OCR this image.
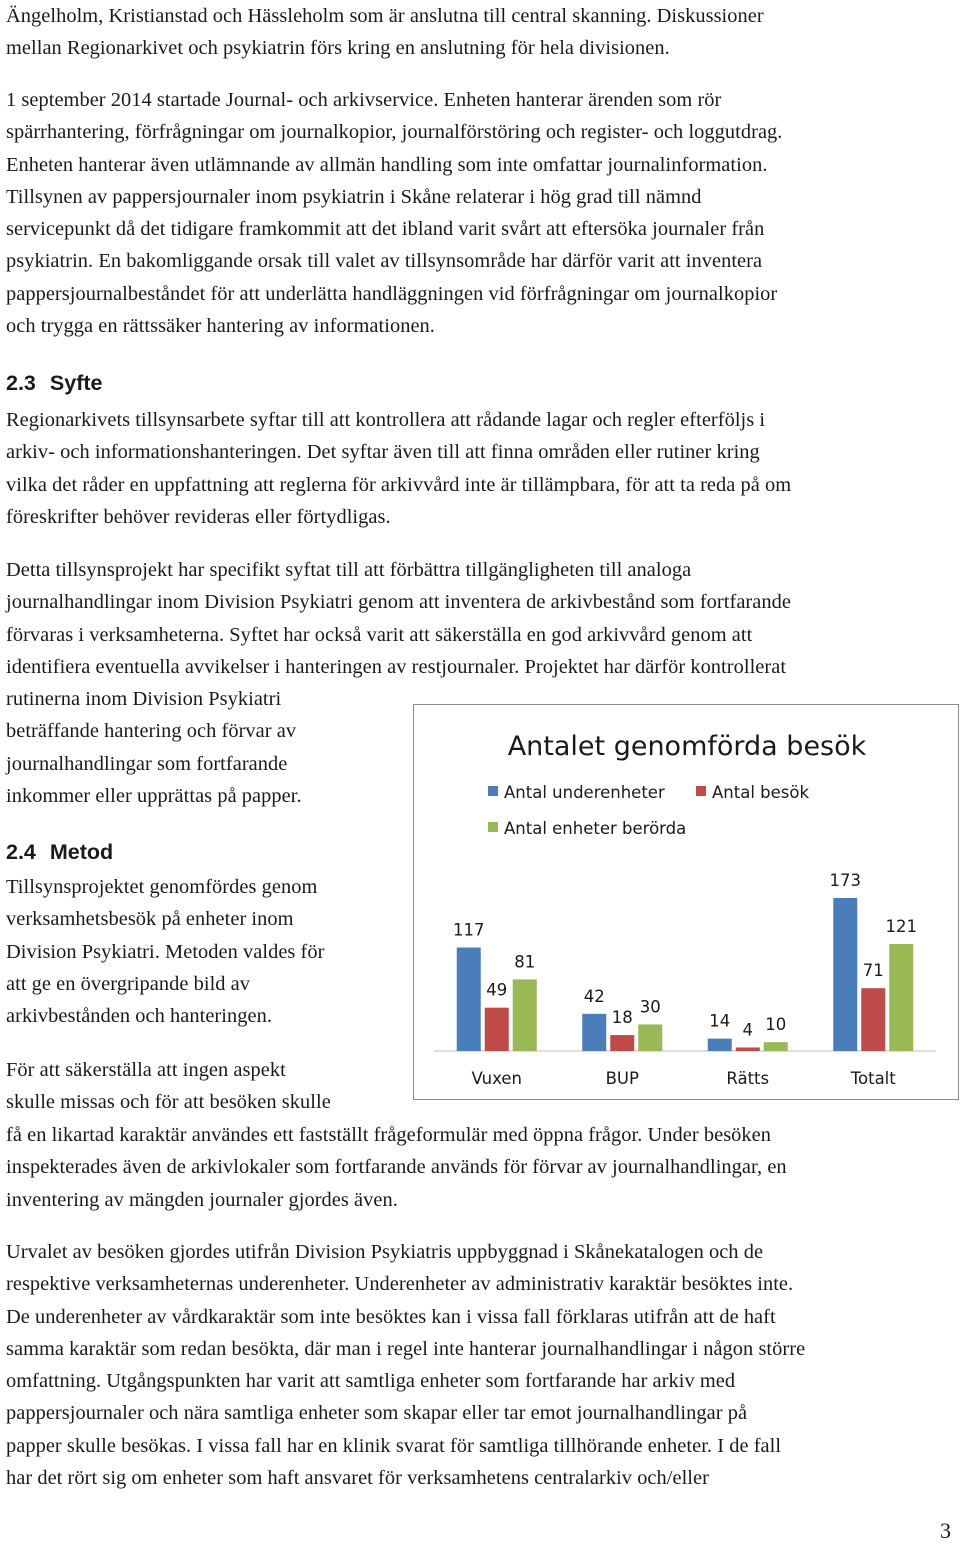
Ängelholm, Kristianstad och Hässleholm som är anslutna till central skanning. Diskussioner
mellan Regionarkivet och psykiatrin förs kring en anslutning för hela divisionen.
1 september 2014 startade Journal- och arkivservice. Enheten hanterar ärenden som rör
spärrhantering, förfrågningar om journalkopior, journalförstöring och register- och loggutdrag.
Enheten hanterar även utlämnande av allmän handling som inte omfattar journalinformation.
Tillsynen av pappersjournaler inom psykiatrin i Skåne relaterar i hög grad till nämnd
servicepunkt då det tidigare framkommit att det ibland varit svårt att eftersöka journaler från
psykiatrin. En bakomliggande orsak till valet av tillsynsområde har därför varit att inventera
pappersjournalbeståndet för att underlätta handläggningen vid förfrågningar om journalkopior
och trygga en rättssäker hantering av informationen.
2.3 Syfte
Regionarkivets tillsynsarbete syftar till att kontrollera att rådande lagar och regler efterföljs i
arkiv- och informationshanteringen. Det syftar även till att finna områden eller rutiner kring
vilka det råder en uppfattning att reglerna för arkivvård inte är tillämpbara, för att ta reda på om
föreskrifter behöver revideras eller förtydligas.
Detta tillsynsprojekt har specifikt syftat till att förbättra tillgängligheten till analoga
journalhandlingar inom Division Psykiatri genom att inventera de arkivbestånd som fortfarande
förvaras i verksamheterna. Syftet har också varit att säkerställa en god arkivvård genom att
identifiera eventuella avvikelser i hanteringen av restjournaler. Projektet har därför kontrollerat
rutinerna inom Division Psykiatri
beträffande hantering och förvar av
journalhandlingar som fortfarande
inkommer eller upprättas på papper.
2.4 Metod
Tillsynsprojektet genomfördes genom
verksamhetsbesök på enheter inom
Division Psykiatri. Metoden valdes för
att ge en övergripande bild av
arkivbestånden och hanteringen.
För att säkerställa att ingen aspekt
skulle missas och för att besöken skulle
få en likartad karaktär användes ett fastställt frågeformulär med öppna frågor. Under besöken
inspekterades även de arkivlokaler som fortfarande används för förvar av journalhandlingar, en
inventering av mängden journaler gjordes även.
Urvalet av besöken gjordes utifrån Division Psykiatris uppbyggnad i Skånekatalogen och de
respektive verksamheternas underenheter. Underenheter av administrativ karaktär besöktes inte.
De underenheter av vårdkaraktär som inte besöktes kan i vissa fall förklaras utifrån att de haft
samma karaktär som redan besökta, där man i regel inte hanterar journalhandlingar i någon större
omfattning. Utgångspunkten har varit att samtliga enheter som fortfarande har arkiv med
pappersjournaler och nära samtliga enheter som skapar eller tar emot journalhandlingar på
papper skulle besökas. I vissa fall har en klinik svarat för samtliga tillhörande enheter. I de fall
har det rört sig om enheter som haft ansvaret för verksamhetens centralarkiv och/eller
Antalet genomförda besök
Antal underenheter	Antal besök
Antal enheter berörda
117
49
81
Vuxen
42
18
30
BUP
14 4 10
Rätts
173
71
121
Totalt
3
